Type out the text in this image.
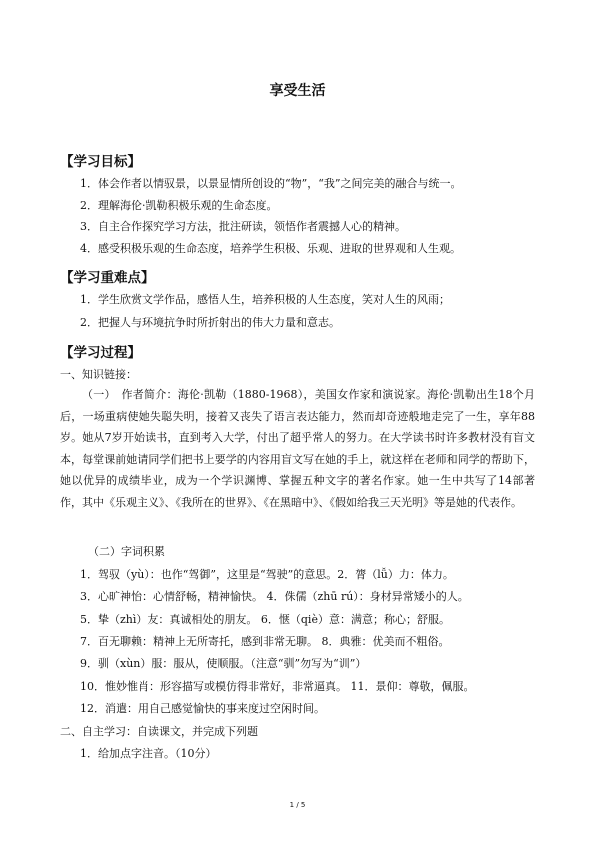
享受生活
【学习目标】
1．体会作者以情驭景，以景显情所创设的“物”，“我”之间完美的融合与统一。
2．理解海伦·凯勒积极乐观的生命态度。
3．自主合作探究学习方法，批注研读，领悟作者震撼人心的精神。
4．感受积极乐观的生命态度，培养学生积极、乐观、进取的世界观和人生观。
【学习重难点】
1．学生欣赏文学作品，感悟人生，培养积极的人生态度，笑对人生的风雨；
2．把握人与环境抗争时所折射出的伟大力量和意志。
【学习过程】
一、知识链接：
（一）　作者简介：海伦·凯勒（1880-1968），美国女作家和演说家。海伦·凯勒出生18个月后，一场重病使她失聪失明，接着又丧失了语言表达能力，然而却奇迹般地走完了一生，享年88岁。她从7岁开始读书，直到考入大学，付出了超乎常人的努力。在大学读书时许多教材没有盲文本，每堂课前她请同学们把书上要学的内容用盲文写在她的手上，就这样在老师和同学的帮助下，她以优异的成绩毕业，成为一个学识渊博、掌握五种文字的著名作家。她一生中共写了14部著作，其中《乐观主义》、《我所在的世界》、《在黑暗中》、《假如给我三天光明》等是她的代表作。
（二）字词积累
1．驾驭（yù）：也作“驾御”，这里是“驾驶”的意思。2．膂（lǚ）力：体力。
3．心旷神怡：心情舒畅，精神愉快。 4．侏儒（zhū rú）：身材异常矮小的人。
5．挚（zhì）友：真诚相处的朋友。 6．惬（qiè）意：满意；称心；舒服。
7．百无聊赖：精神上无所寄托，感到非常无聊。 8．典雅：优美而不粗俗。
9．驯（xùn）服：服从，使顺服。（注意“驯”勿写为“训”）
10．惟妙惟肖：形容描写或模仿得非常好，非常逼真。 11．景仰：尊敬，佩服。
12．消遣：用自己感觉愉快的事来度过空闲时间。
二、自主学习：自读课文，并完成下列题
1．给加点字注音。（10分）
1 / 5
